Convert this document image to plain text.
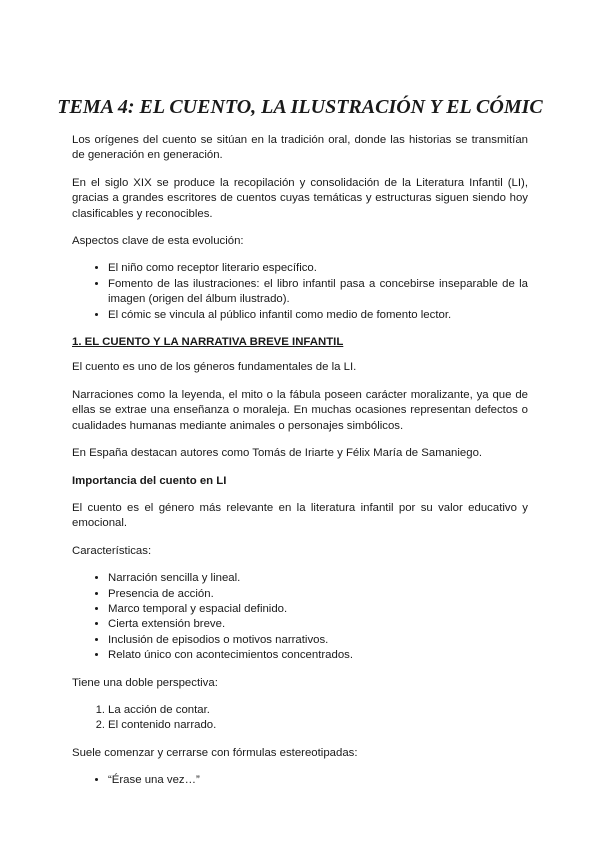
TEMA 4: EL CUENTO, LA ILUSTRACIÓN Y EL CÓMIC

Los orígenes del cuento se sitúan en la tradición oral, donde las historias se transmitían de generación en generación.

En el siglo XIX se produce la recopilación y consolidación de la Literatura Infantil (LI), gracias a grandes escritores de cuentos cuyas temáticas y estructuras siguen siendo hoy clasificables y reconocibles.

Aspectos clave de esta evolución:

• El niño como receptor literario específico.
• Fomento de las ilustraciones: el libro infantil pasa a concebirse inseparable de la imagen (origen del álbum ilustrado).
• El cómic se vincula al público infantil como medio de fomento lector.
1. EL CUENTO Y LA NARRATIVA BREVE INFANTIL

El cuento es uno de los géneros fundamentales de la LI.

Narraciones como la leyenda, el mito o la fábula poseen carácter moralizante, ya que de ellas se extrae una enseñanza o moraleja. En muchas ocasiones representan defectos o cualidades humanas mediante animales o personajes simbólicos.

En España destacan autores como Tomás de Iriarte y Félix María de Samaniego.

Importancia del cuento en LI

El cuento es el género más relevante en la literatura infantil por su valor educativo y emocional.

Características:

• Narración sencilla y lineal.
• Presencia de acción.
• Marco temporal y espacial definido.
• Cierta extensión breve.
• Inclusión de episodios o motivos narrativos.
• Relato único con acontecimientos concentrados.

Tiene una doble perspectiva:

1. La acción de contar.
2. El contenido narrado.

Suele comenzar y cerrarse con fórmulas estereotipadas:

• “Érase una vez…”
